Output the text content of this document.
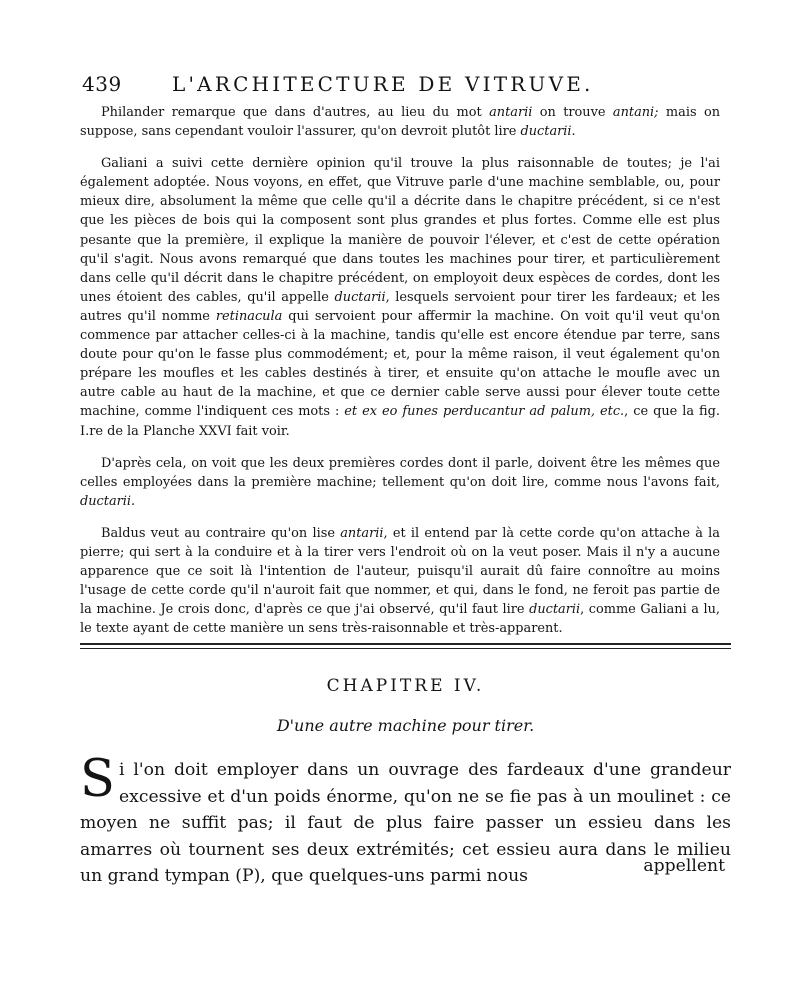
439	L'ARCHITECTURE DE VITRUVE.

Philander remarque que dans d'autres, au lieu du mot antarii on trouve antani; mais on suppose, sans cependant vouloir l'assurer, qu'on devroit plutôt lire ductarii.

Galiani a suivi cette dernière opinion qu'il trouve la plus raisonnable de toutes; je l'ai également adoptée. Nous voyons, en effet, que Vitruve parle d'une machine semblable, ou, pour mieux dire, absolument la même que celle qu'il a décrite dans le chapitre précédent, si ce n'est que les pièces de bois qui la composent sont plus grandes et plus fortes. Comme elle est plus pesante que la première, il explique la manière de pouvoir l'élever, et c'est de cette opération qu'il s'agit. Nous avons remarqué que dans toutes les machines pour tirer, et particulièrement dans celle qu'il décrit dans le chapitre précédent, on employoit deux espèces de cordes, dont les unes étoient des cables, qu'il appelle ductarii, lesquels servoient pour tirer les fardeaux; et les autres qu'il nomme retinacula qui servoient pour affermir la machine. On voit qu'il veut qu'on commence par attacher celles-ci à la machine, tandis qu'elle est encore étendue par terre, sans doute pour qu'on le fasse plus commodément; et, pour la même raison, il veut également qu'on prépare les moufles et les cables destinés à tirer, et ensuite qu'on attache le moufle avec un autre cable au haut de la machine, et que ce dernier cable serve aussi pour élever toute cette machine, comme l'indiquent ces mots : et ex eo funes perducantur ad palum, etc., ce que la fig. I.re de la Planche XXVI fait voir.

D'après cela, on voit que les deux premières cordes dont il parle, doivent être les mêmes que celles employées dans la première machine; tellement qu'on doit lire, comme nous l'avons fait, ductarii.

Baldus veut au contraire qu'on lise antarii, et il entend par là cette corde qu'on attache à la pierre; qui sert à la conduire et à la tirer vers l'endroit où on la veut poser. Mais il n'y a aucune apparence que ce soit là l'intention de l'auteur, puisqu'il aurait dû faire connoître au moins l'usage de cette corde qu'il n'auroit fait que nommer, et qui, dans le fond, ne feroit pas partie de la machine. Je crois donc, d'après ce que j'ai observé, qu'il faut lire ductarii, comme Galiani a lu, le texte ayant de cette manière un sens très-raisonnable et très-apparent.

CHAPITRE IV.
D'une autre machine pour tirer.

Si l'on doit employer dans un ouvrage des fardeaux d'une grandeur excessive et d'un poids énorme, qu'on ne se fie pas à un moulinet : ce moyen ne suffit pas; il faut de plus faire passer un essieu dans les amarres où tournent ses deux extrémités; cet essieu aura dans le milieu un grand tympan (P), que quelques-uns parmi nous	appellent
